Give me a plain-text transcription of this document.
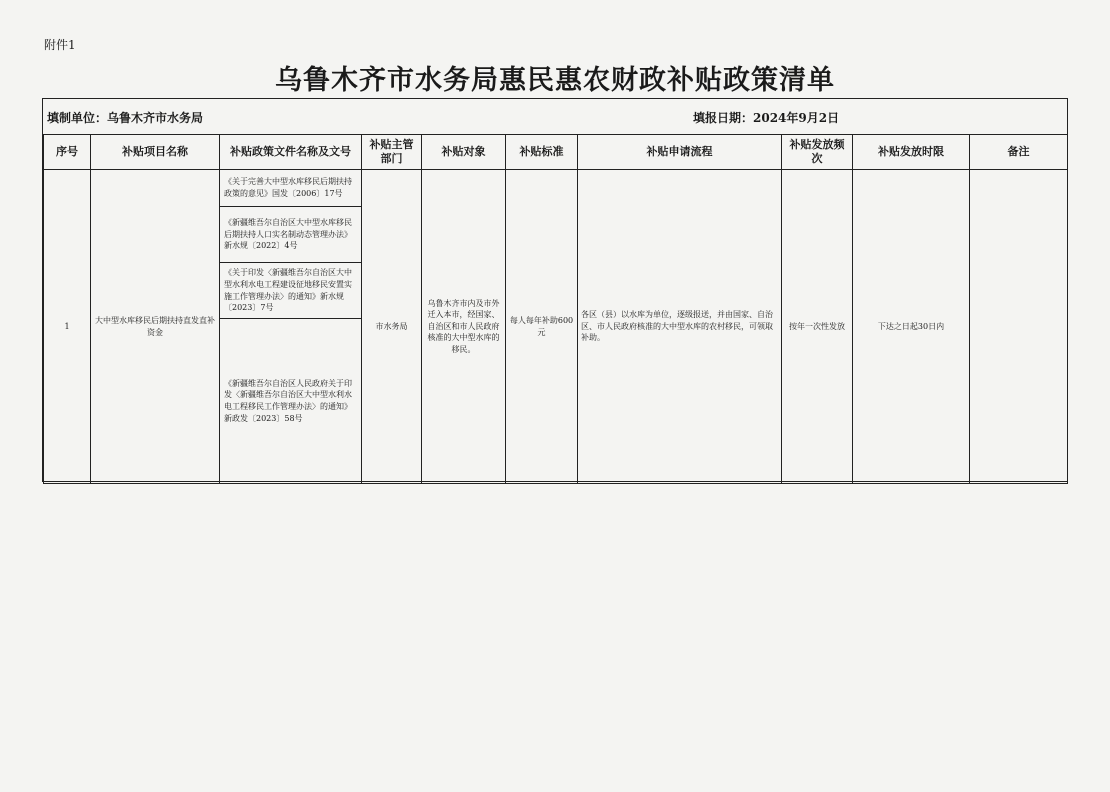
附件1
乌鲁木齐市水务局惠民惠农财政补贴政策清单
填制单位：乌鲁木齐市水务局	填报日期：2024年9月2日
序号	补贴项目名称	补贴政策文件名称及文号	补贴主管部门	补贴对象	补贴标准	补贴申请流程	补贴发放频次	补贴发放时限	备注
1	大中型水库移民后期扶持直发直补资金	《关于完善大中型水库移民后期扶持政策的意见》国发〔2006〕17号	市水务局	乌鲁木齐市内及市外迁入本市，经国家、自治区和市人民政府核准的大中型水库的移民。	每人每年补助600元	各区（县）以水库为单位，逐级报送，并由国家、自治区、市人民政府核准的大中型水库的农村移民，可领取补助。	按年一次性发放	下达之日起30日内	
		《新疆维吾尔自治区大中型水库移民后期扶持人口实名制动态管理办法》新水规〔2022〕4号							
		《关于印发〈新疆维吾尔自治区大中型水利水电工程建设征地移民安置实施工作管理办法〉的通知》新水规〔2023〕7号							
		《新疆维吾尔自治区人民政府关于印发〈新疆维吾尔自治区大中型水利水电工程移民工作管理办法〉的通知》新政发〔2023〕58号							
